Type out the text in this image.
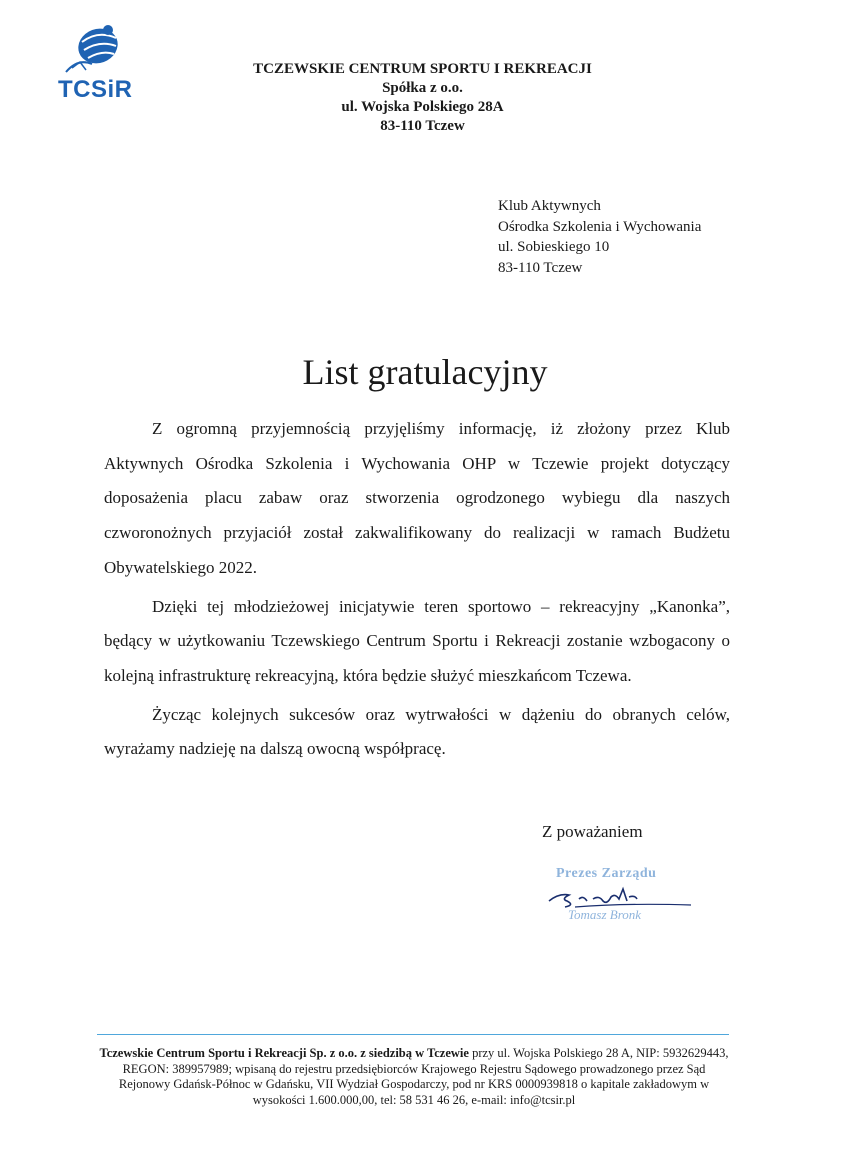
TCSiR
TCZEWSKIE CENTRUM SPORTU I REKREACJI
Spółka z o.o.
ul. Wojska Polskiego 28A
83-110 Tczew
Klub Aktywnych
Ośrodka Szkolenia i Wychowania
ul. Sobieskiego 10
83-110 Tczew
List gratulacyjny

Z ogromną przyjemnością przyjęliśmy informację, iż złożony przez Klub Aktywnych Ośrodka Szkolenia i Wychowania OHP w Tczewie projekt dotyczący doposażenia placu zabaw oraz stworzenia ogrodzonego wybiegu dla naszych czworonożnych przyjaciół został zakwalifikowany do realizacji w ramach Budżetu Obywatelskiego 2022.

Dzięki tej młodzieżowej inicjatywie teren sportowo – rekreacyjny „Kanonka”, będący w użytkowaniu Tczewskiego Centrum Sportu i Rekreacji zostanie wzbogacony o kolejną infrastrukturę rekreacyjną, która będzie służyć mieszkańcom Tczewa.

Życząc kolejnych sukcesów oraz wytrwałości w dążeniu do obranych celów, wyrażamy nadzieję na dalszą owocną współpracę.

Z poważaniem
Prezes Zarządu
Tomasz Bronk
Tczewskie Centrum Sportu i Rekreacji Sp. z o.o. z siedzibą w Tczewie przy ul. Wojska Polskiego 28 A, NIP: 5932629443, REGON: 389957989; wpisaną do rejestru przedsiębiorców Krajowego Rejestru Sądowego prowadzonego przez Sąd Rejonowy Gdańsk-Północ w Gdańsku, VII Wydział Gospodarczy, pod nr KRS 0000939818 o kapitale zakładowym w wysokości 1.600.000,00, tel: 58 531 46 26, e-mail: info@tcsir.pl
